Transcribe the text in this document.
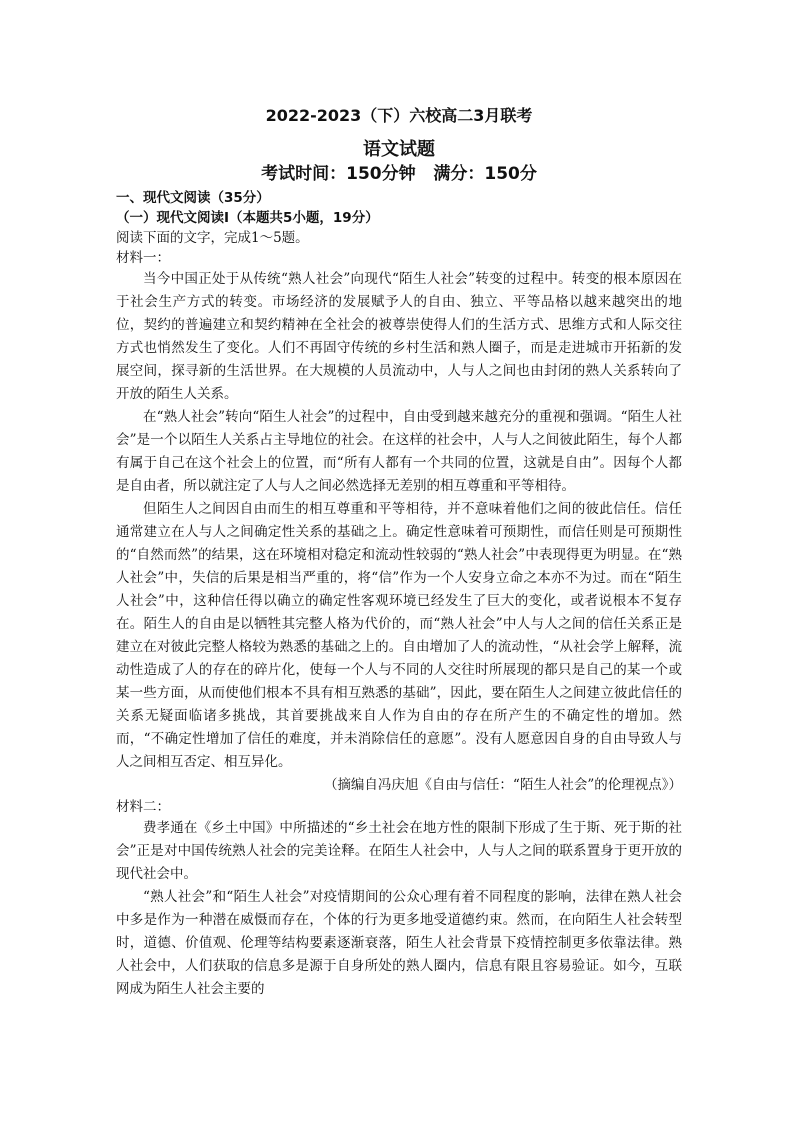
2022-2023（下）六校高二3月联考

语文试题

考试时间：150分钟   满分：150分

一、现代文阅读（35分）

（一）现代文阅读Ⅰ（本题共5小题，19分）

阅读下面的文字，完成1～5题。

材料一：

当今中国正处于从传统“熟人社会”向现代“陌生人社会”转变的过程中。转变的根本原因在于社会生产方式的转变。市场经济的发展赋予人的自由、独立、平等品格以越来越突出的地位，契约的普遍建立和契约精神在全社会的被尊崇使得人们的生活方式、思维方式和人际交往方式也悄然发生了变化。人们不再固守传统的乡村生活和熟人圈子，而是走进城市开拓新的发展空间，探寻新的生活世界。在大规模的人员流动中，人与人之间也由封闭的熟人关系转向了开放的陌生人关系。

在“熟人社会”转向“陌生人社会”的过程中，自由受到越来越充分的重视和强调。“陌生人社会”是一个以陌生人关系占主导地位的社会。在这样的社会中，人与人之间彼此陌生，每个人都有属于自己在这个社会上的位置，而“所有人都有一个共同的位置，这就是自由”。因每个人都是自由者，所以就注定了人与人之间必然选择无差别的相互尊重和平等相待。

但陌生人之间因自由而生的相互尊重和平等相待，并不意味着他们之间的彼此信任。信任通常建立在人与人之间确定性关系的基础之上。确定性意味着可预期性，而信任则是可预期性的“自然而然”的结果，这在环境相对稳定和流动性较弱的“熟人社会”中表现得更为明显。在“熟人社会”中，失信的后果是相当严重的，将“信”作为一个人安身立命之本亦不为过。而在“陌生人社会”中，这种信任得以确立的确定性客观环境已经发生了巨大的变化，或者说根本不复存在。陌生人的自由是以牺牲其完整人格为代价的，而“熟人社会”中人与人之间的信任关系正是建立在对彼此完整人格较为熟悉的基础之上的。自由增加了人的流动性，“从社会学上解释，流动性造成了人的存在的碎片化，使每一个人与不同的人交往时所展现的都只是自己的某一个或某一些方面，从而使他们根本不具有相互熟悉的基础”，因此，要在陌生人之间建立彼此信任的关系无疑面临诸多挑战，其首要挑战来自人作为自由的存在所产生的不确定性的增加。然而，“不确定性增加了信任的难度，并未消除信任的意愿”。没有人愿意因自身的自由导致人与人之间相互否定、相互异化。

（摘编自冯庆旭《自由与信任：“陌生人社会”的伦理视点》）

材料二：

费孝通在《乡土中国》中所描述的“乡土社会在地方性的限制下形成了生于斯、死于斯的社会”正是对中国传统熟人社会的完美诠释。在陌生人社会中，人与人之间的联系置身于更开放的现代社会中。

“熟人社会”和“陌生人社会”对疫情期间的公众心理有着不同程度的影响，法律在熟人社会中多是作为一种潜在威慑而存在，个体的行为更多地受道德约束。然而，在向陌生人社会转型时，道德、价值观、伦理等结构要素逐渐衰落，陌生人社会背景下疫情控制更多依靠法律。熟人社会中，人们获取的信息多是源于自身所处的熟人圈内，信息有限且容易验证。如今，互联网成为陌生人社会主要的
